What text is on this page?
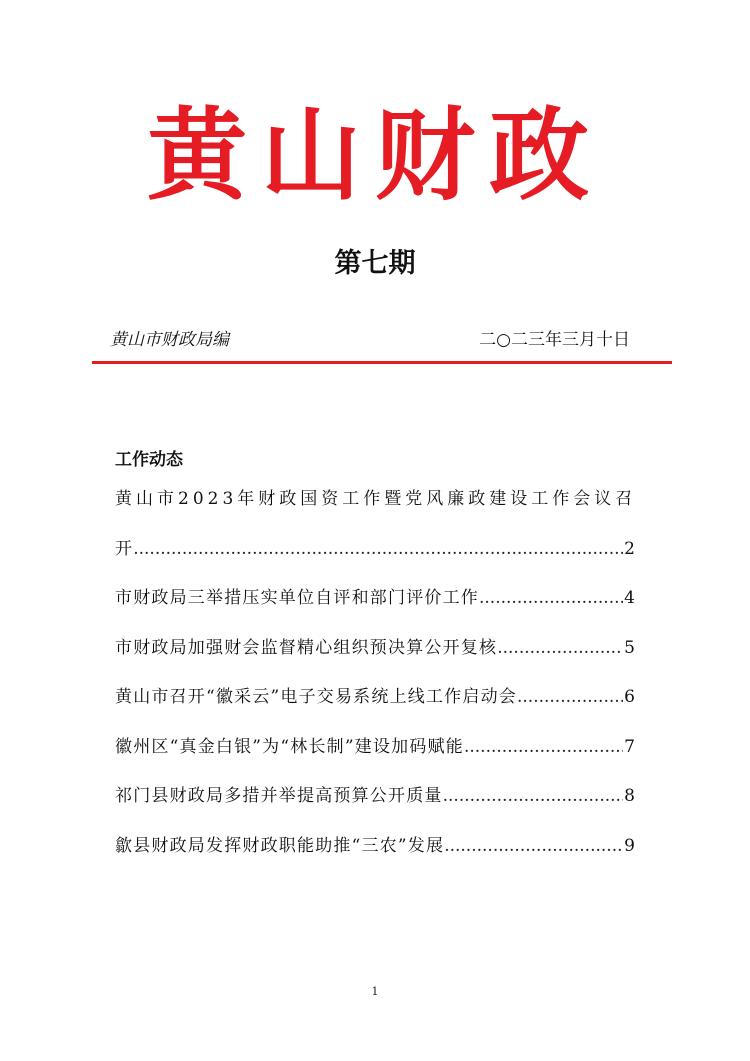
黄山财政
第七期
黄山市财政局编	二○二三年三月十日
工作动态
黄山市2023年财政国资工作暨党风廉政建设工作会议召
开 .....	2
市财政局三举措压实单位自评和部门评价工作 .....	4
市财政局加强财会监督精心组织预决算公开复核 .....	5
黄山市召开“徽采云”电子交易系统上线工作启动会 .....	6
徽州区“真金白银”为“林长制”建设加码赋能 .....	7
祁门县财政局多措并举提高预算公开质量 .....	8
歙县财政局发挥财政职能助推“三农”发展 .....	9
1
